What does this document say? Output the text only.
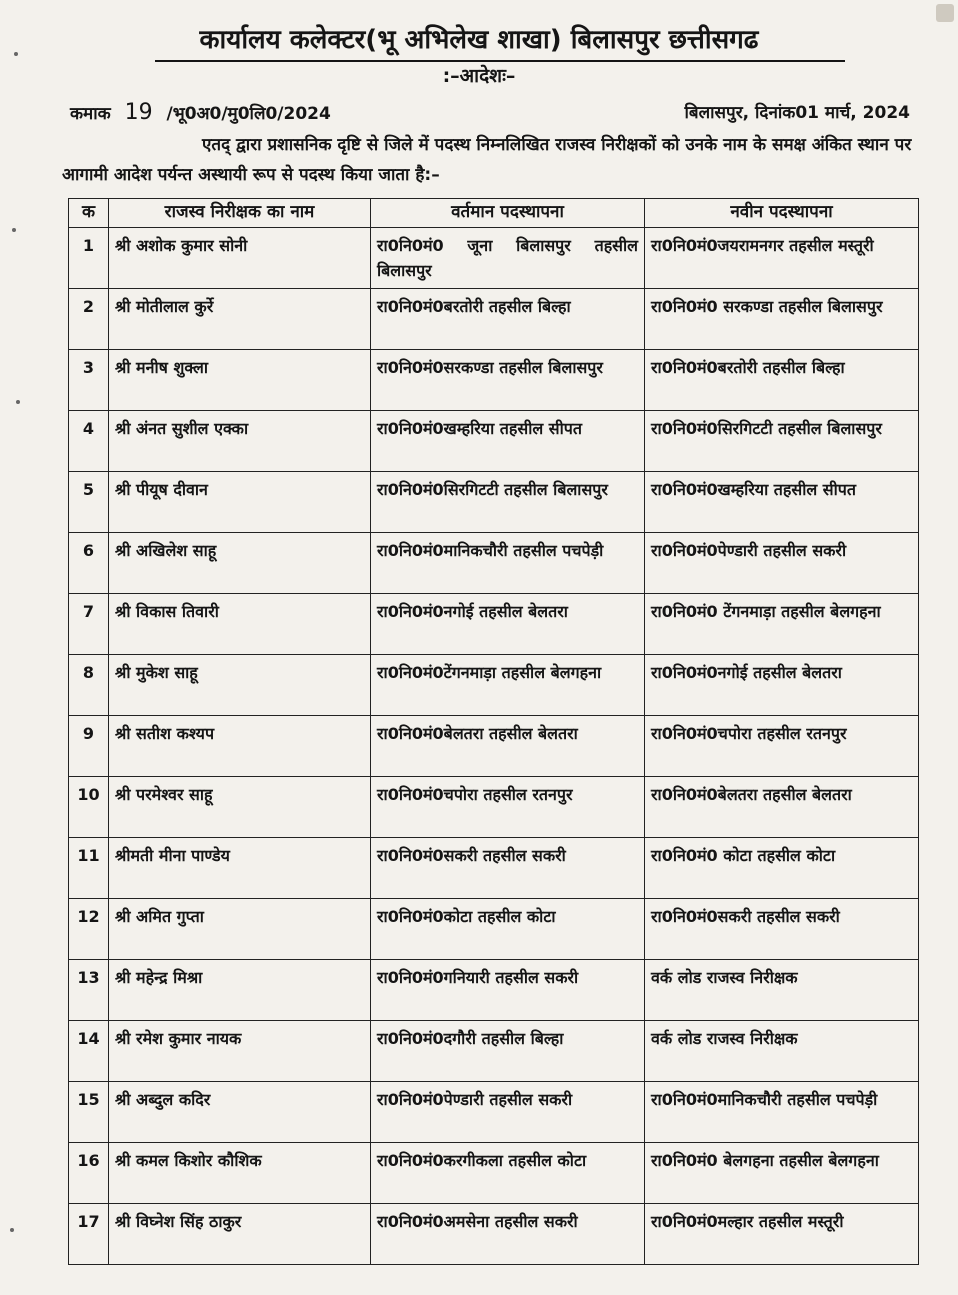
कार्यालय कलेक्टर(भू अभिलेख शाखा) बिलासपुर छत्तीसगढ
:–आदेशः–
कमाक 19 /भू0अ0/मु0लि0/2024	बिलासपुर, दिनांक01 मार्च, 2024
एतद् द्वारा प्रशासनिक दृष्टि से जिले में पदस्थ निम्नलिखित राजस्व निरीक्षकों को उनके नाम के समक्ष अंकित स्थान पर आगामी आदेश पर्यन्त अस्थायी रूप से पदस्थ किया जाता है:–
क	राजस्व निरीक्षक का नाम	वर्तमान पदस्थापना	नवीन पदस्थापना
1	श्री अशोक कुमार सोनी	रा0नि0मं0 जूना बिलासपुर तहसील बिलासपुर	रा0नि0मं0जयरामनगर तहसील मस्तूरी
2	श्री मोतीलाल कुर्रे	रा0नि0मं0बरतोरी तहसील बिल्हा	रा0नि0मं0 सरकण्डा तहसील बिलासपुर
3	श्री मनीष शुक्ला	रा0नि0मं0सरकण्डा तहसील बिलासपुर	रा0नि0मं0बरतोरी तहसील बिल्हा
4	श्री अंनत सुशील एक्का	रा0नि0मं0खम्हरिया तहसील सीपत	रा0नि0मं0सिरगिटटी तहसील बिलासपुर
5	श्री पीयूष दीवान	रा0नि0मं0सिरगिटटी तहसील बिलासपुर	रा0नि0मं0खम्हरिया तहसील सीपत
6	श्री अखिलेश साहू	रा0नि0मं0मानिकचौरी तहसील पचपेड़ी	रा0नि0मं0पेण्डारी तहसील सकरी
7	श्री विकास तिवारी	रा0नि0मं0नगोई तहसील बेलतरा	रा0नि0मं0 टेंगनमाड़ा तहसील बेलगहना
8	श्री मुकेश साहू	रा0नि0मं0टेंगनमाड़ा तहसील बेलगहना	रा0नि0मं0नगोई तहसील बेलतरा
9	श्री सतीश कश्यप	रा0नि0मं0बेलतरा तहसील बेलतरा	रा0नि0मं0चपोरा तहसील रतनपुर
10	श्री परमेश्वर साहू	रा0नि0मं0चपोरा तहसील रतनपुर	रा0नि0मं0बेलतरा तहसील बेलतरा
11	श्रीमती मीना पाण्डेय	रा0नि0मं0सकरी तहसील सकरी	रा0नि0मं0 कोटा तहसील कोटा
12	श्री अमित गुप्ता	रा0नि0मं0कोटा तहसील कोटा	रा0नि0मं0सकरी तहसील सकरी
13	श्री महेन्द्र मिश्रा	रा0नि0मं0गनियारी तहसील सकरी	वर्क लोड राजस्व निरीक्षक
14	श्री रमेश कुमार नायक	रा0नि0मं0दगौरी तहसील बिल्हा	वर्क लोड राजस्व निरीक्षक
15	श्री अब्दुल कदिर	रा0नि0मं0पेण्डारी तहसील सकरी	रा0नि0मं0मानिकचौरी तहसील पचपेड़ी
16	श्री कमल किशोर कौशिक	रा0नि0मं0करगीकला तहसील कोटा	रा0नि0मं0 बेलगहना तहसील बेलगहना
17	श्री विघ्नेश सिंह ठाकुर	रा0नि0मं0अमसेना तहसील सकरी	रा0नि0मं0मल्हार तहसील मस्तूरी
